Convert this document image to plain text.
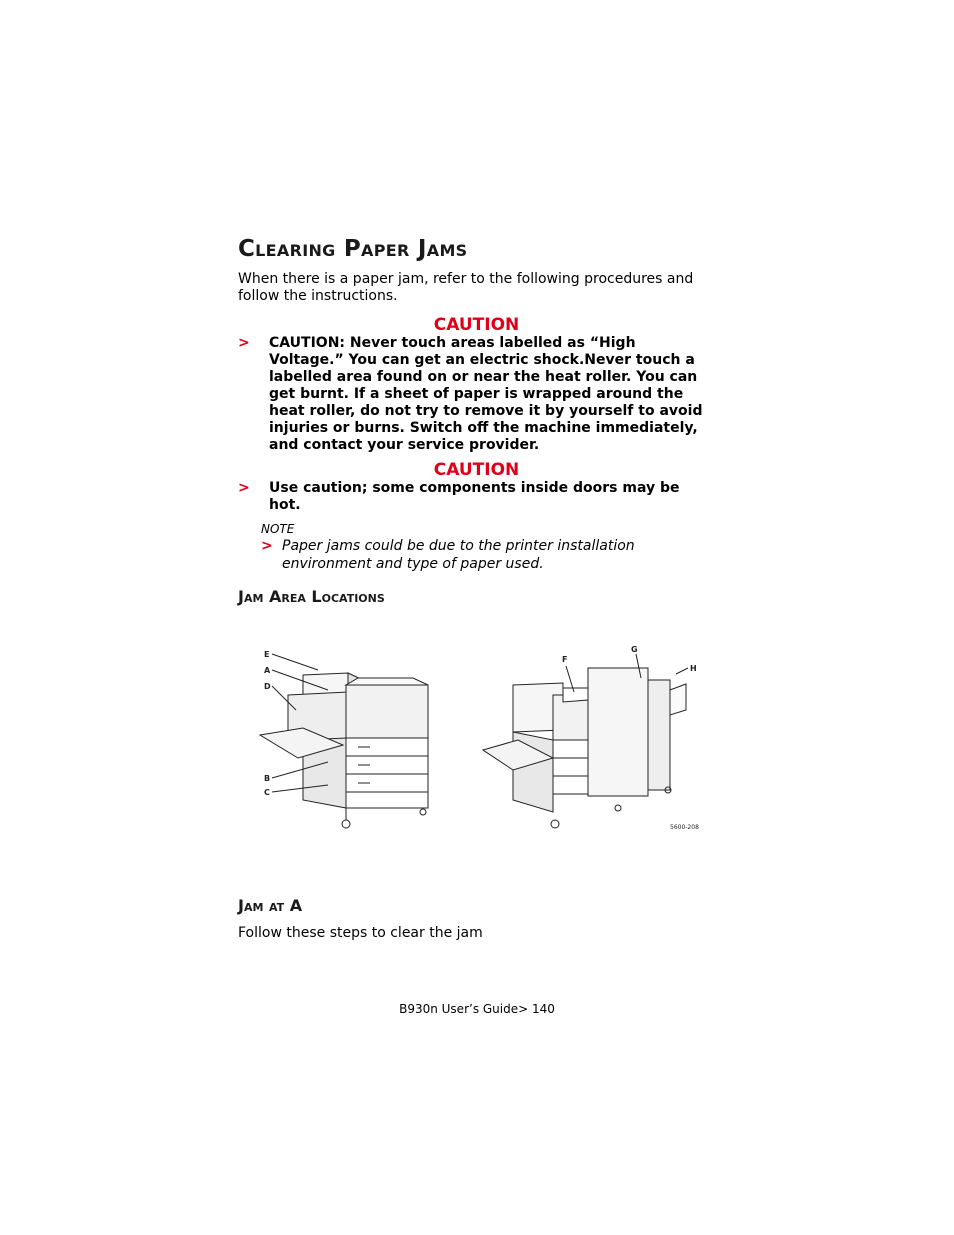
Clearing Paper Jams
When there is a paper jam, refer to the following procedures and follow the instructions.
CAUTION
> CAUTION: Never touch areas labelled as “High Voltage.” You can get an electric shock.Never touch a labelled area found on or near the heat roller. You can get burnt. If a sheet of paper is wrapped around the heat roller, do not try to remove it by yourself to avoid injuries or burns. Switch off the machine immediately, and contact your service provider.
CAUTION
> Use caution; some components inside doors may be hot.
NOTE
> Paper jams could be due to the printer installation environment and type of paper used.
Jam Area Locations
E
A
D
B
C
F
G
H
5600-208
Jam at A
Follow these steps to clear the jam
B930n User’s Guide> 140
